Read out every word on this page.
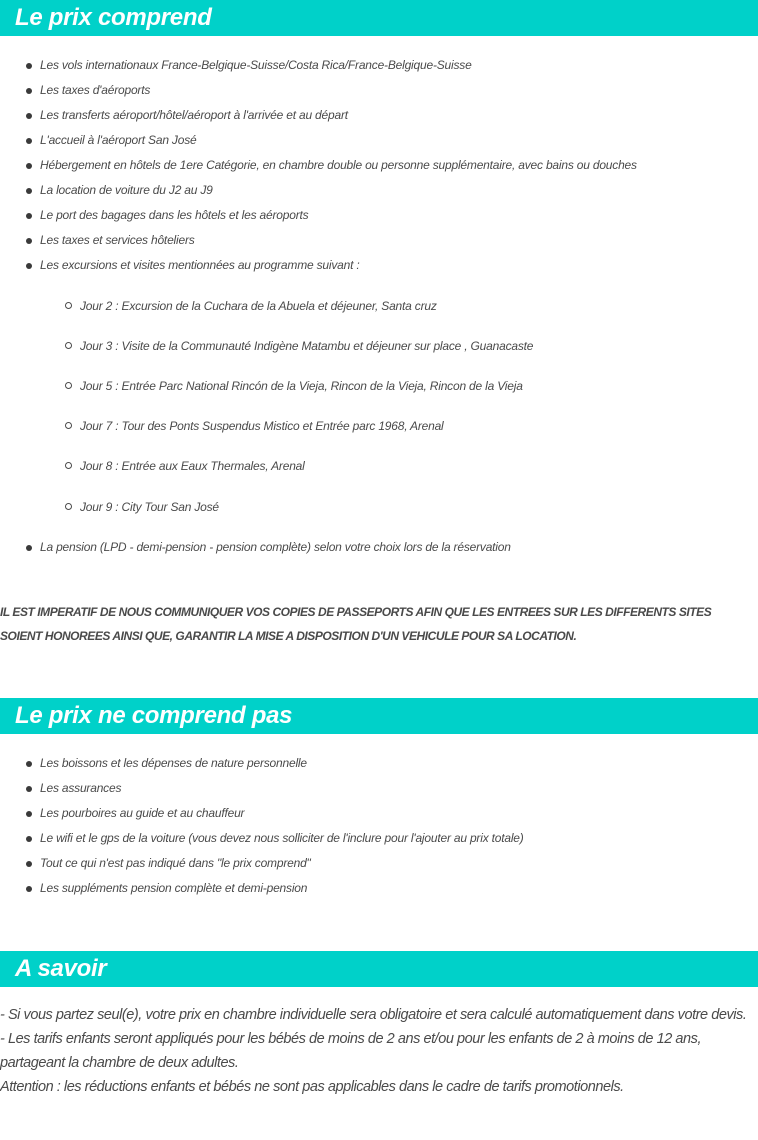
Le prix comprend
Les vols internationaux France-Belgique-Suisse/Costa Rica/France-Belgique-Suisse
Les taxes d'aéroports
Les transferts aéroport/hôtel/aéroport à l'arrivée et au départ
L'accueil à l'aéroport San José
Hébergement en hôtels de 1ere Catégorie, en chambre double ou personne supplémentaire, avec bains ou douches
La location de voiture du J2 au J9
Le port des bagages dans les hôtels et les aéroports
Les taxes et services hôteliers
Les excursions et visites mentionnées au programme suivant :
Jour 2 : Excursion de la Cuchara de la Abuela et déjeuner, Santa cruz
Jour 3 : Visite de la Communauté Indigène Matambu et déjeuner sur place , Guanacaste
Jour 5 : Entrée Parc National Rincón de la Vieja, Rincon de la Vieja, Rincon de la Vieja
Jour 7 : Tour des Ponts Suspendus Mistico et Entrée parc 1968, Arenal
Jour 8 : Entrée aux Eaux Thermales, Arenal
Jour 9 : City Tour San José
La pension (LPD - demi-pension - pension complète) selon votre choix lors de la réservation

IL EST IMPERATIF DE NOUS COMMUNIQUER VOS COPIES DE PASSEPORTS AFIN QUE LES ENTREES SUR LES DIFFERENTS SITES

SOIENT HONOREES AINSI QUE, GARANTIR LA MISE A DISPOSITION D'UN VEHICULE POUR SA LOCATION.

Le prix ne comprend pas
Les boissons et les dépenses de nature personnelle
Les assurances
Les pourboires au guide et au chauffeur
Le wifi et le gps de la voiture (vous devez nous solliciter de l'inclure pour l'ajouter au prix totale)
Tout ce qui n'est pas indiqué dans "le prix comprend"
Les suppléments pension complète et demi-pension
A savoir

- Si vous partez seul(e), votre prix en chambre individuelle sera obligatoire et sera calculé automatiquement dans votre devis.

- Les tarifs enfants seront appliqués pour les bébés de moins de 2 ans et/ou pour les enfants de 2 à moins de 12 ans, partageant la chambre de deux adultes.

Attention : les réductions enfants et bébés ne sont pas applicables dans le cadre de tarifs promotionnels.
